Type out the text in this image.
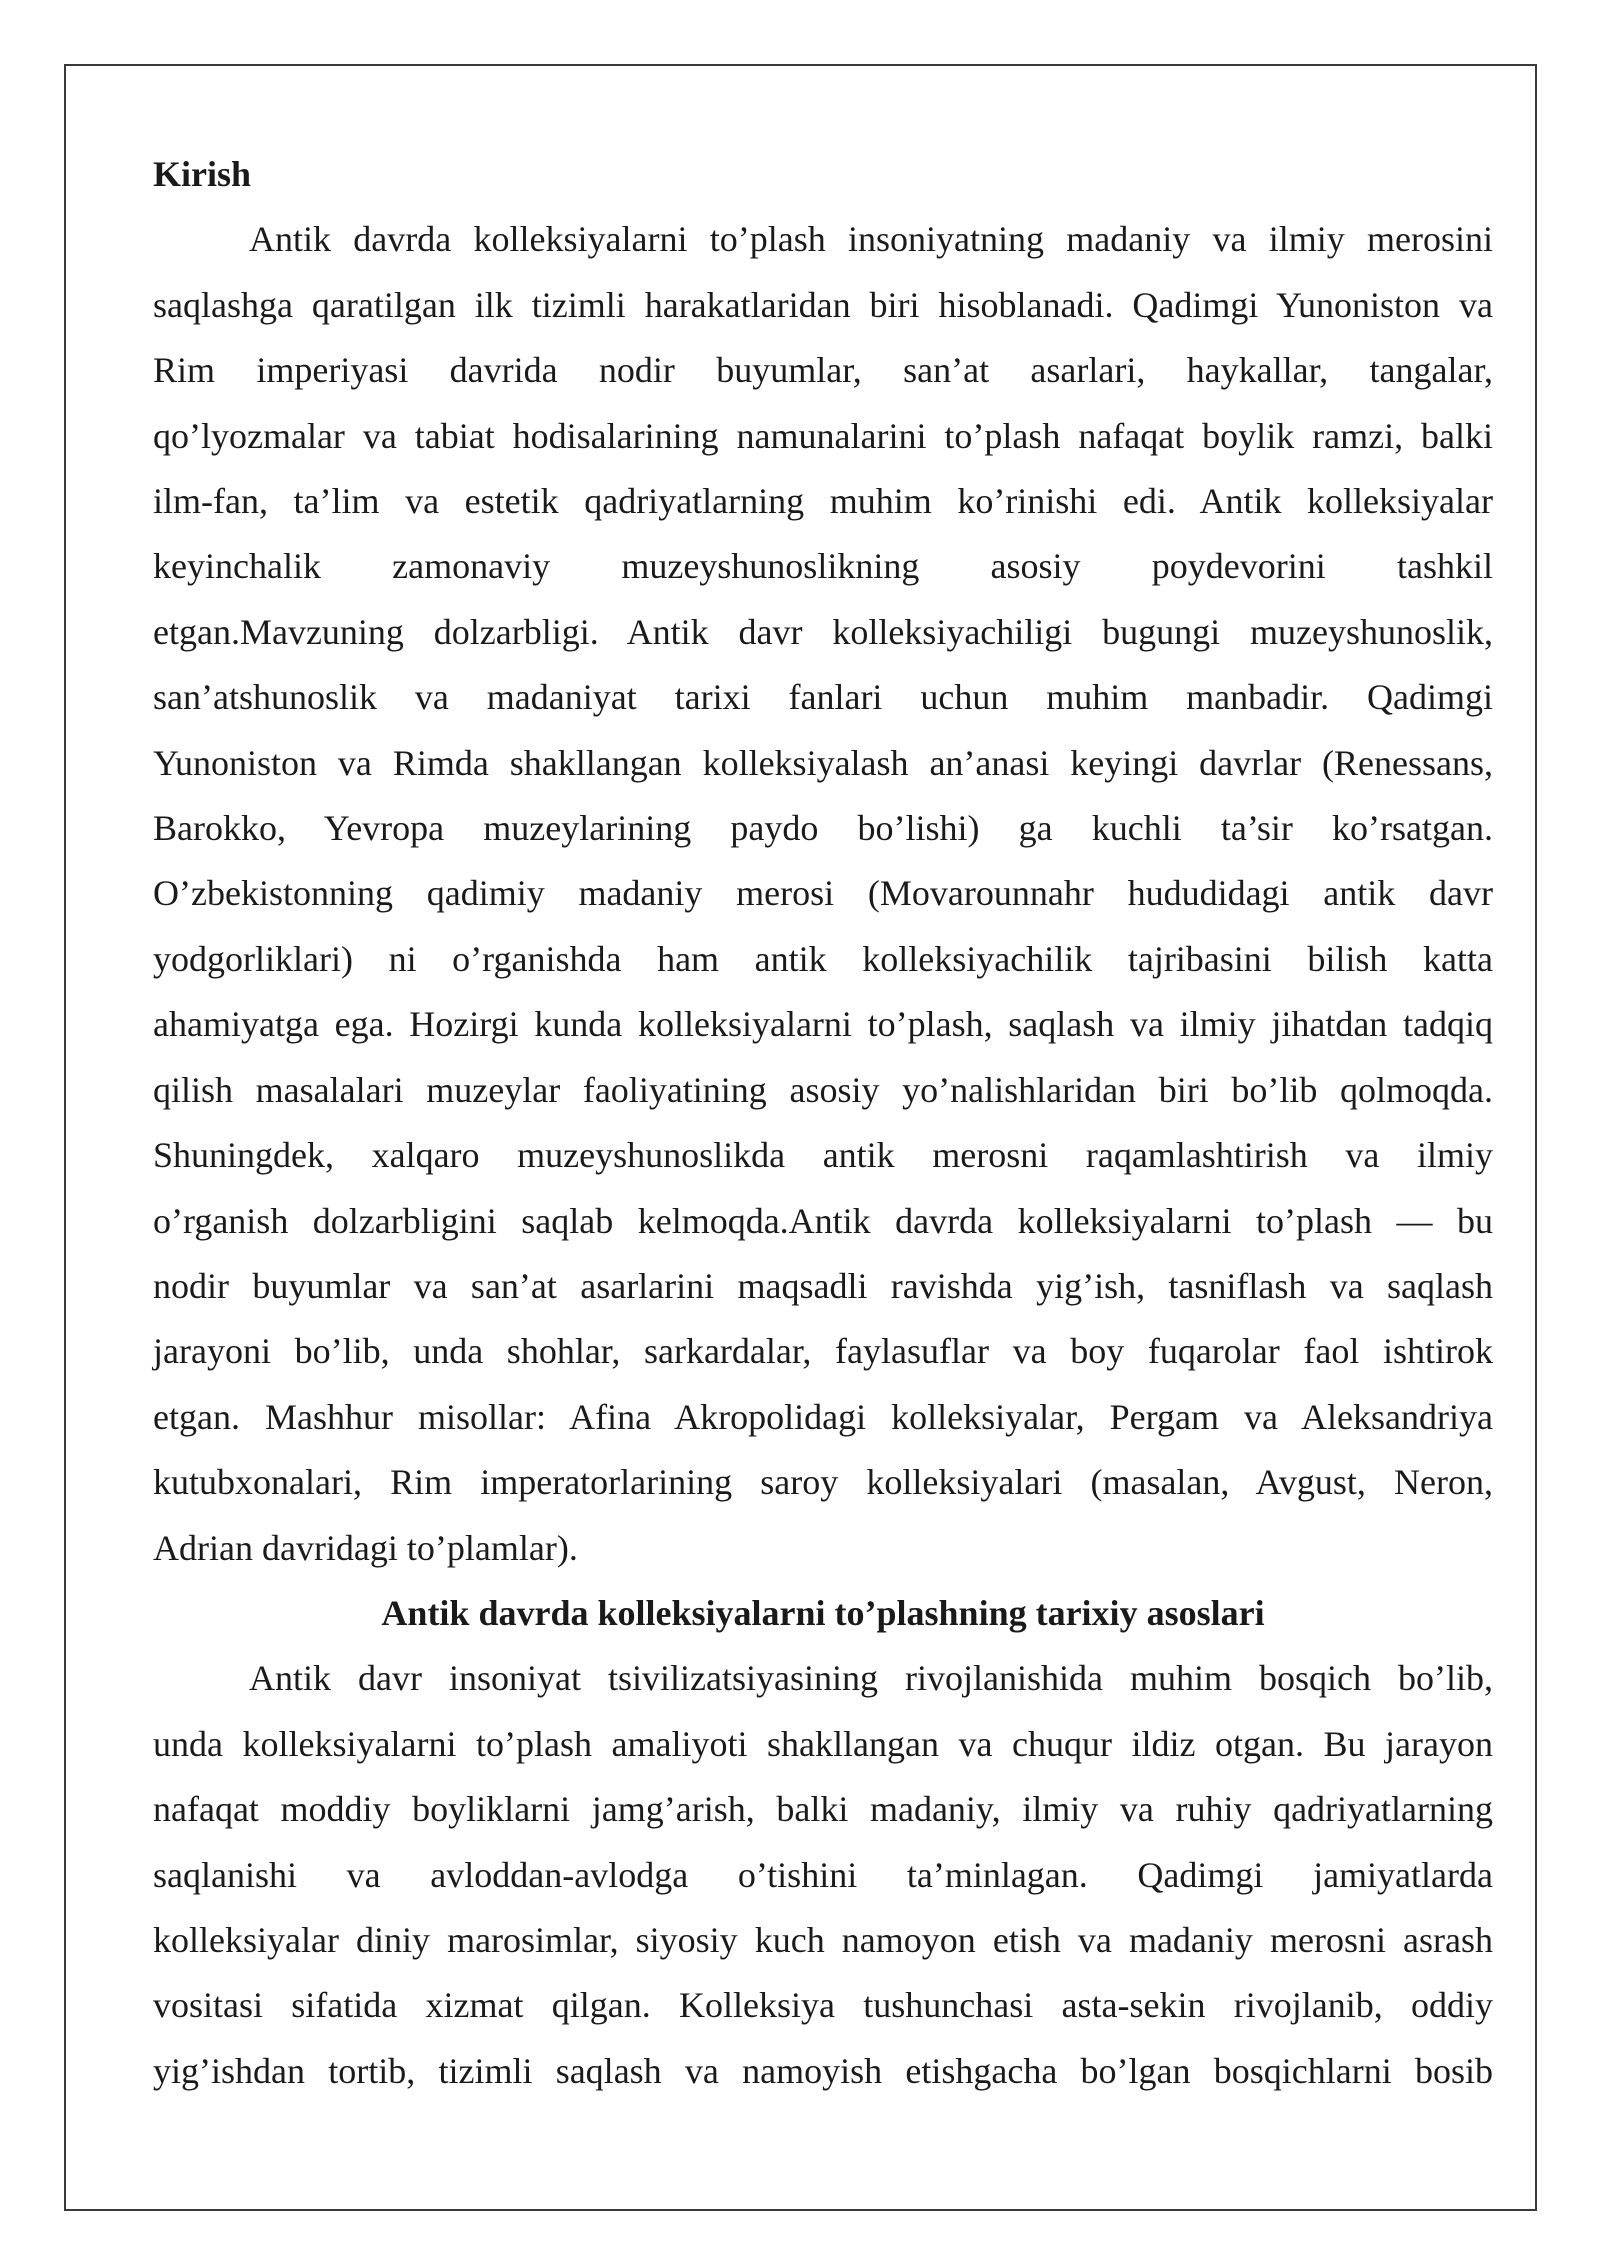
Kirish
Antik davrda kolleksiyalarni to’plash insoniyatning madaniy va ilmiy merosini
saqlashga qaratilgan ilk tizimli harakatlaridan biri hisoblanadi. Qadimgi Yunoniston va
Rim imperiyasi davrida nodir buyumlar, san’at asarlari, haykallar, tangalar,
qo’lyozmalar va tabiat hodisalarining namunalarini to’plash nafaqat boylik ramzi, balki
ilm-fan, ta’lim va estetik qadriyatlarning muhim ko’rinishi edi. Antik kolleksiyalar
keyinchalik zamonaviy muzeyshunoslikning asosiy poydevorini tashkil
etgan.Mavzuning dolzarbligi. Antik davr kolleksiyachiligi bugungi muzeyshunoslik,
san’atshunoslik va madaniyat tarixi fanlari uchun muhim manbadir. Qadimgi
Yunoniston va Rimda shakllangan kolleksiyalash an’anasi keyingi davrlar (Renessans,
Barokko, Yevropa muzeylarining paydo bo’lishi) ga kuchli ta’sir ko’rsatgan.
O’zbekistonning qadimiy madaniy merosi (Movarounnahr hududidagi antik davr
yodgorliklari) ni o’rganishda ham antik kolleksiyachilik tajribasini bilish katta
ahamiyatga ega. Hozirgi kunda kolleksiyalarni to’plash, saqlash va ilmiy jihatdan tadqiq
qilish masalalari muzeylar faoliyatining asosiy yo’nalishlaridan biri bo’lib qolmoqda.
Shuningdek, xalqaro muzeyshunoslikda antik merosni raqamlashtirish va ilmiy
o’rganish dolzarbligini saqlab kelmoqda.Antik davrda kolleksiyalarni to’plash — bu
nodir buyumlar va san’at asarlarini maqsadli ravishda yig’ish, tasniflash va saqlash
jarayoni bo’lib, unda shohlar, sarkardalar, faylasuflar va boy fuqarolar faol ishtirok
etgan. Mashhur misollar: Afina Akropolidagi kolleksiyalar, Pergam va Aleksandriya
kutubxonalari, Rim imperatorlarining saroy kolleksiyalari (masalan, Avgust, Neron,
Adrian davridagi to’plamlar).
Antik davrda kolleksiyalarni to’plashning tarixiy asoslari
Antik davr insoniyat tsivilizatsiyasining rivojlanishida muhim bosqich bo’lib,
unda kolleksiyalarni to’plash amaliyoti shakllangan va chuqur ildiz otgan. Bu jarayon
nafaqat moddiy boyliklarni jamg’arish, balki madaniy, ilmiy va ruhiy qadriyatlarning
saqlanishi va avloddan-avlodga o’tishini ta’minlagan. Qadimgi jamiyatlarda
kolleksiyalar diniy marosimlar, siyosiy kuch namoyon etish va madaniy merosni asrash
vositasi sifatida xizmat qilgan. Kolleksiya tushunchasi asta-sekin rivojlanib, oddiy
yig’ishdan tortib, tizimli saqlash va namoyish etishgacha bo’lgan bosqichlarni bosib
